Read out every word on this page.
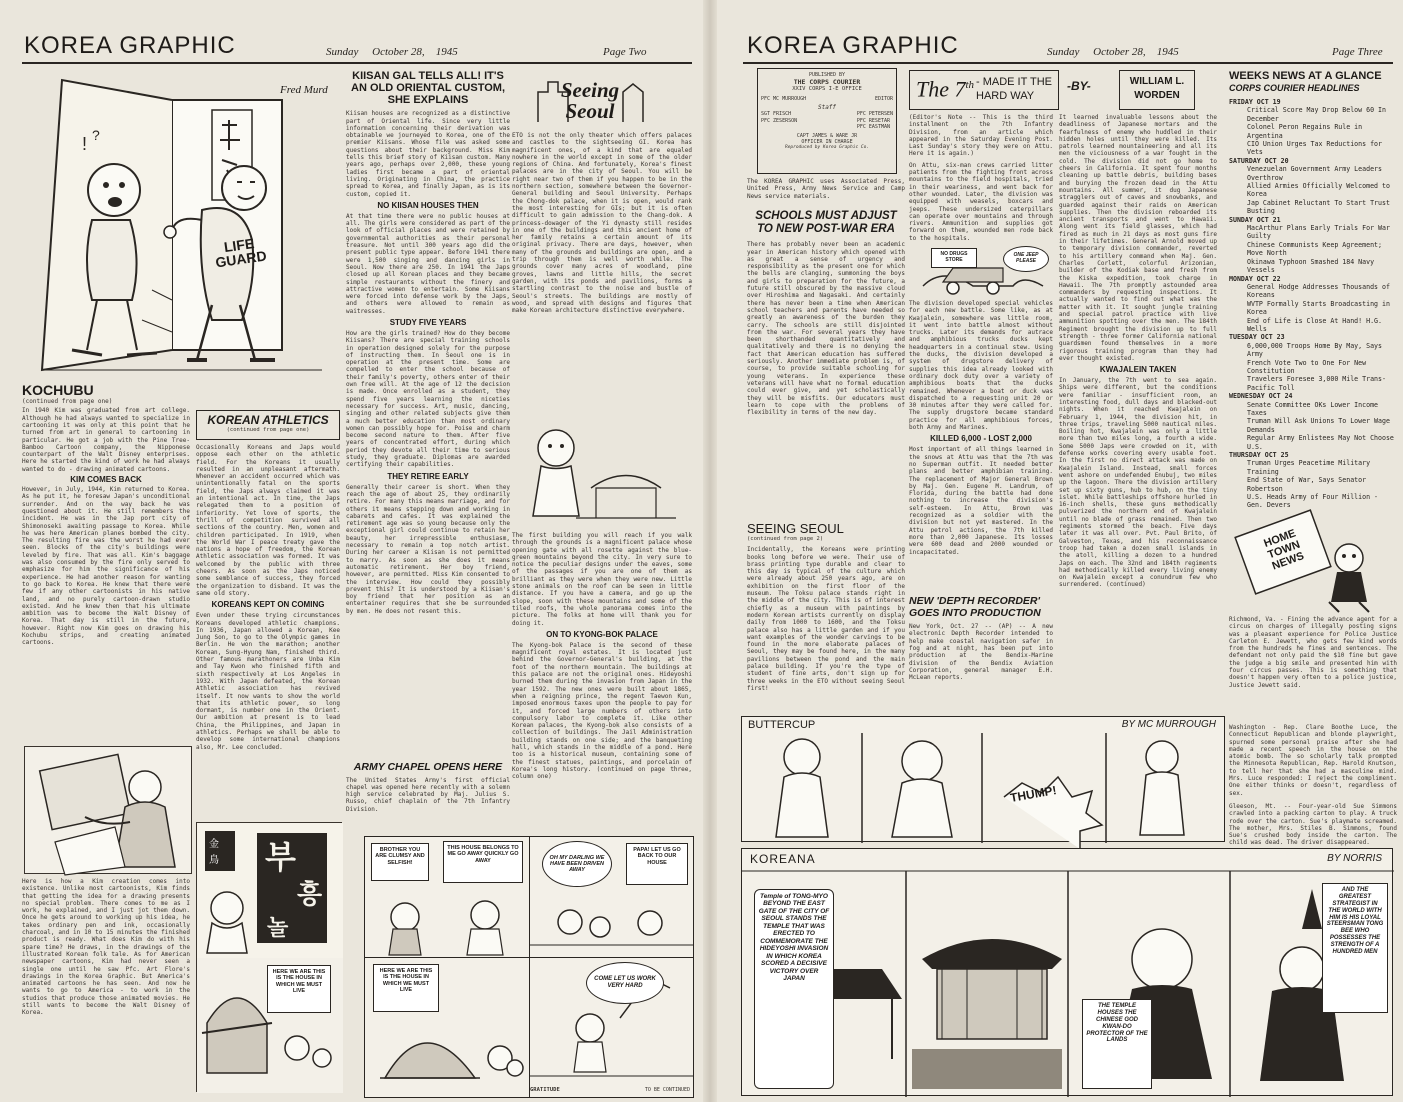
KOREA GRAPHIC	Sunday October 28, 1945	Page Two
! ?
LIFE GUARD
Fred Murd
KOCHUBU
(continued from page one)
In 1940 Kim was graduated from art college. Although he had always wanted to specialize in cartooning it was only at this point that he turned from art in general to cartooning in particular. He got a job with the Pine Tree-Bamboo Cartoon company, the Nipponese counterpart of the Walt Disney enterprises. Here he started the kind of work he had always wanted to do - drawing animated cartoons.
KIM COMES BACK
However, in July, 1944, Kim returned to Korea. As he put it, he foresaw Japan's unconditional surrender. And on the way back he was questioned about it. He still remembers the incident. He was in the Jap port city of Shimonoseki awaiting passage to Korea. While he was here American planes bombed the city. The resulting fire was the worst he had ever seen. Blocks of the city's buildings were leveled by fire. That was all. Kim's baggage was also consumed by the fire only served to emphasize for him the significance of his experience. He had another reason for wanting to go back to Korea. He knew that there were few if any other cartoonists in his native land, and no purely cartoon-drawn studio existed. And he knew then that his ultimate ambition was to become the Walt Disney of Korea. That day is still in the future, however. Right now Kim goes on drawing his Kochubu strips, and creating animated cartoons.
Here is how a Kim creation comes into existence. Unlike most cartoonists, Kim finds that getting the idea for a drawing presents no special problem. There comes to me as I work, he explained, and I just jot them down. Once he gets around to working up his idea, he takes ordinary pen and ink, occasionally charcoal, and in 10 to 15 minutes the finished product is ready. What does Kim do with his spare time? He draws, in the drawings of the illustrated Korean folk tale. As for American newspaper cartoons, Kim had never seen a single one until he saw Pfc. Art Flore's drawings in the Korea Graphic. But America's animated cartoons he has seen. And now he wants to go to America - to work in the studios that produce those animated movies. He still wants to become the Walt Disney of Korea.
KOREAN ATHLETICS
(continued from page one)
Occasionally Koreans and Japs would oppose each other on the athletic field. For the Koreans it usually resulted in an unpleasant aftermath. Whenever an accident occurred which was unintentionally fatal on the sports field, the Japs always claimed it was an intentional act. In time, the Japs relegated them to a position of inferiority. Yet love of sports, the thrill of competition survived all sections of the country. Men, women and children participated. In 1919, when the World War I peace treaty gave the nations a hope of freedom, the Korean Athletic association was formed. It was welcomed by the public with three cheers. As soon as the Japs noticed some semblance of success, they forced the organization to disband. It was the same old story.
KOREANS KEPT ON COMING
Even under these trying circumstances Koreans developed athletic champions. In 1936, Japan allowed a Korean, Kee Jung Son, to go to the Olympic games in Berlin. He won the marathon; another Korean, Sung-Hyung Nam, finished third. Other famous marathoners are Unba Kim and Tay Kwon who finished fifth and sixth respectively at Los Angeles in 1932. With Japan defeated, the Korean Athletic association has revived itself. It now wants to show the world that its athletic power, so long dormant, is number one in the Orient. Our ambition at present is to lead China, the Philippines, and Japan in athletics. Perhaps we shall be able to develop some international champions also, Mr. Lee concluded.
金
鳥 부
흥
놀
HERE WE ARE THIS IS THE HOUSE IN WHICH WE MUST LIVE
KIISAN GAL TELLS ALL! IT'S AN OLD ORIENTAL CUSTOM, SHE EXPLAINS
Kiisan houses are recognized as a distinctive part of Oriental life. Since very little information concerning their derivation was obtainable we journeyed to Korea, one of the premier Kiisans. Whose file was asked some questions about their background. Miss Kim tells this brief story of Kiisan custom. Many years ago, perhaps over 2,000, these young ladies first became a part of oriental living. Originating in China, the practice spread to Korea, and finally Japan, as is its custom, copied it.
NO KIISAN HOUSES THEN
At that time there were no public houses at all. The girls were considered as part of the look of official places and were retained by governmental authorities as their personal treasure. Not until 300 years ago did the present public type appear. Before 1941 there were 1,500 singing and dancing girls in Seoul. Now there are 250. In 1941 the Japs closed up all Korean places and they became simple restaurants without the finery and attractive women to entertain. Some Kiisans were forced into defense work by the Japs, and others were allowed to remain as waitresses.
STUDY FIVE YEARS
How are the girls trained? How do they become Kiisans? There are special training schools in operation designed solely for the purpose of instructing them. In Seoul one is in operation at the present time. Some are compelled to enter the school because of their family's poverty, others enter of their own free will. At the age of 12 the decision is made. Once enrolled as a student, they spend five years learning the niceties necessary for success. Art, music, dancing, singing and other related subjects give them a much better education than most ordinary women can possibly hope for. Poise and charm become second nature to them. After five years of concentrated effort, during which period they devote all their time to serious study, they graduate. Diplomas are awarded certifying their capabilities.
THEY RETIRE EARLY
Generally their career is short. When they reach the age of about 25, they ordinarily retire. For many this means marriage, and for others it means stepping down and working in cabarets and cafes. It was explained the retirement age was so young because only the exceptional girl could continue to retain her beauty, her irrepressible enthusiasm, necessary to remain a top notch artist. During her career a Kiisan is not permitted to marry. As soon as she does it means automatic retirement. Her boy friend, however, are permitted. Miss Kim consented to the interview. How could they possibly prevent this? It is understood by a Kiisan's boy friend that her position as an entertainer requires that she be surrounded by men. He does not resent this.
ARMY CHAPEL OPENS HERE
The United States Army's first official chapel was opened here recently with a solemn high service celebrated by Maj. Julius S. Russo, chief chaplain of the 7th Infantry Division.
Seeing Seoul
ETO is not the only theater which offers palaces and castles to the sightseeing GI. Korea has magnificent ones, of a kind that are equaled nowhere in the world except in some of the older regions of China. And fortunately, Korea's finest palaces are in the city of Seoul. You will be right near two of them if you happen to be in the northern section, somewhere between the Governor-General building and Seoul University. Perhaps the Chong-dok palace, when it is open, would rank the most interesting for GIs; but it is often difficult to gain admission to the Chang-dok. A princess-dowager of the Yi dynasty still resides in one of the buildings and this ancient home of her family retains a certain amount of its original privacy. There are days, however, when many of the grounds and buildings are open, and a trip through them is well worth while. The grounds cover many acres of woodland, pine groves, lawns and little hills, the secret garden, with its ponds and pavilions, forms a startling contrast to the noise and bustle of Seoul's streets. The buildings are mostly of wood, and spread with designs and figures that make Korean architecture distinctive everywhere.
The first building you will reach if you walk through the grounds is a magnificent palace whose opening gate with all rosette against the blue-green mountains beyond the city. In very sure to notice the peculiar designs under the eaves, some of the passages if you are one of them as brilliant as they were when they were new. Little stone animals on the roof can be seen in little distance. If you have a camera, and go up the slope, soon with these mountains and some of the tiled roofs, the whole panorama comes into the picture. The folks at home will thank you for doing it.
ON TO KYONG-BOK PALACE
The Kyong-bok Palace is the second of these magnificent royal estates. It is located just behind the Governor-General's building, at the foot of the northern mountain. The buildings at this palace are not the original ones. Hideyoshi burned them during the invasion from Japan in the year 1592. The new ones were built about 1865, when a reigning prince, the regent Taewon Kun, imposed enormous taxes upon the people to pay for it, and forced large numbers of others into compulsory labor to complete it. Like other Korean palaces, the Kyong-bok also consists of a collection of buildings. The Jail Administration building stands on one side; and the banqueting hall, which stands in the middle of a pond. Here too is a historical museum, containing some of the finest statues, paintings, and porcelain of Korea's long history. (continued on page three, column one)
BROTHER YOU ARE CLUMSY AND SELFISH!
THIS HOUSE BELONGS TO ME GO AWAY QUICKLY GO AWAY
OH MY DARLING WE HAVE BEEN DRIVEN AWAY
PAPA! LET US GO BACK TO OUR HOUSE
HERE WE ARE THIS IS THE HOUSE IN WHICH WE MUST LIVE
COME LET US WORK VERY HARD
GRATITUDE	TO BE CONTINUED
KOREA GRAPHIC	Sunday October 28, 1945	Page Three
PUBLISHED BY
THE CORPS COURIER
XXIV CORPS I-E OFFICE
PFC MC MURROUGH	EDITOR
Staff
SGT FRISCH
PFC ZESERSON
PFC PETERSEN
PFC RESETAR
PFC EASTMAN
CAPT JAMES & WARE JR
OFFICER IN CHARGE
Reproduced by Korea Graphic Co.
The KOREA GRAPHIC uses Associated Press, United Press, Army News Service and Camp News service materials.
SCHOOLS MUST ADJUST TO NEW POST-WAR ERA
There has probably never been an academic year in American history which opened with as great a sense of urgency and responsibility as the present one for which the bells are clanging, summoning the boys and girls to preparation for the future, a future still obscured by the massive cloud over Hiroshima and Nagasaki. And certainly there has never been a time when American school teachers and parents have needed so greatly an awareness of the burden they carry. The schools are still disjointed from the war. For several years they have been shorthanded quantitatively and qualitatively and there is no denying the fact that American education has suffered seriously. Another immediate problem is, of course, to provide suitable schooling for young veterans. In experience these veterans will have what no formal education could ever give, and yet scholastically they will be misfits. Our educators must learn to cope with the problems of flexibility in terms of the new day.
SEEING SEOUL
(continued from page 2)
Incidentally, the Koreans were printing books long before we were. Their use of brass printing type durable and clear to this day is typical of the culture which were already about 250 years ago, are on exhibition on the first floor of the museum. The Toksu palace stands right in the middle of the city. This is of interest chiefly as a museum with paintings by modern Korean artists currently on display daily from 1000 to 1600, and the Toksu palace also has a little garden and if you want examples of the wonder carvings to be found in the more elaborate palaces of Seoul, they may be found here, in the many pavilions between the pond and the main palace building. If you're the type of student of fine arts, don't sign up for three weeks in the ETO without seeing Seoul first!
The 7th - MADE IT THE HARD WAY
-BY-	WILLIAM L. WORDEN
(Editor's Note -- This is the third installment on the 7th Infantry Division, from an article which appeared in the Saturday Evening Post. Last Sunday's story they were on Attu. Here it is again.)
On Attu, six-man crews carried litter patients from the fighting front across mountains to the field hospitals, tried in their weariness, and went back for other wounded. Later, the division was equipped with weasels, boxcars and jeeps. These undersized caterpillars can operate over mountains and through rivers. Ammunition and supplies got forward on them, wounded men rode back to the hospitals.
NO DRUGS STORE
ONE JEEP PLEASE
The division developed special vehicles for each new battle. Some like, as at Kwajalein, somewhere was little room, it went into battle almost without trucks. Later its demands for autrace and amphibious trucks ducks kept headquarters in a continual stew. Using the ducks, the division developed a system of drugstore delivery of supplies this idea already looked with ordinary dock duty over a variety of amphibious boats that the ducks remained. Whenever a boat or duck was dispatched to a requesting unit 20 or 30 minutes after they were called for. The supply drugstore became standard practice for all amphibious forces, both Army and Marines.
KILLED 6,000 - LOST 2,000
Most important of all things learned in the snows at Attu was that the 7th was no Superman outfit. It needed better plans and better amphibian training. The replacement of Major General Brown by Maj. Gen. Eugene M. Landrum, of Florida, during the battle had done nothing to increase the division's self-esteem. In Attu, Brown was recognized as a soldier with the division but not yet mastered. In the Attu petrol actions, the 7th killed more than 2,000 Japanese. Its losses were 600 dead and 2000 wounded or incapacitated.
NEW 'DEPTH RECORDER' GOES INTO PRODUCTION
New York, Oct. 27 -- (AP) -- A new electronic Depth Recorder intended to help make coastal navigation safer in fog and at night, has been put into production at the Bendix-Marine division of the Bendix Aviation Corporation, general manager E.H. McLean reports.
It learned invaluable lessons about the deadliness of Japanese mortars and the fearfulness of enemy who huddled in their hidden holes until they were killed. Its patrols learned mountaineering and all its men the viciousness of a war fought in the cold. The division did not go home to cheers in California. It spent four months cleaning up battle debris, building bases and burying the frozen dead in the Attu mountains. All summer, it dug Japanese stragglers out of caves and snowbanks, and guarded against their raids on American supplies. Then the division reboarded its ancient transports and went to Hawaii. Along went its field glasses, which had fired as much in 21 days as most guns fire in their lifetimes. General Arnold moved up to temporary division commander, reverted to his artillery command when Maj. Gen. Charles Corlett, colorful Arizonian, builder of the Kodiak base and fresh from the Kiska expedition, took charge in Hawaii. The 7th promptly astounded area commanders by requesting inspections. It actually wanted to find out what was the matter with it. It sought jungle training and special patrol practice with live ammunition spotting over the men. The 184th Regiment brought the division up to full strength - three former California national guardsmen found themselves in a more rigorous training program than they had ever thought existed.
KWAJALEIN TAKEN
In January, the 7th went to sea again. Ships were different, but the conditions were familiar - insufficient room, an interesting food, dull days and blacked-out nights. When it reached Kwajalein on February 1, 1944, the division hit, in three trips, traveling 5000 nautical miles. Boiling hot, Kwajalein was only a little more than two miles long, a fourth a wide. Some 5000 Japs were crowded on it, with defense works covering every usable foot. In the first no direct attack was made on Kwajalein Island. Instead, small forces went ashore on undefended Enubuj, two miles up the lagoon. There the division artillery set up sixty guns, hub to hub, on the tiny islet. While battleships offshore hurled in 16-inch shells, these guns methodically pulverized the northern end of Kwajalein until no blade of grass remained. Then two regiments stormed the beach. Five days later it was all over. Pvt. Paul Brito, of Galveston, Texas, and his reconnaissance troop had taken a dozen small islands in the atoll, killing a dozen to a hundred Japs on each. The 32nd and 184th regiments had methodically killed every living enemy on Kwajalein except a conundrum few who surrendered. (continued)
WEEKS NEWS AT A GLANCE
CORPS COURIER HEADLINES
FRIDAY OCT 19
Critical Score May Drop Below 60 In December
Colonel Peron Regains Rule in Argentina
CIO Union Urges Tax Reductions for Vets
SATURDAY OCT 20
Venezuelan Government Army Leaders Overthrow
Allied Armies Officially Welcomed to Korea
Jap Cabinet Reluctant To Start Trust Busting
SUNDAY OCT 21
MacArthur Plans Early Trials For War Guilty
Chinese Communists Keep Agreement; Move North
Okinawa Typhoon Smashed 184 Navy Vessels
MONDAY OCT 22
General Hodge Addresses Thousands of Koreans
WVTP Formally Starts Broadcasting in Korea
End of Life is Close At Hand! H.G. Wells
TUESDAY OCT 23
6,000,000 Troops Home By May, Says Army
French Vote Two to One For New Constitution
Travelers Foresee 3,000 Mile Trans-Pacific Toll
WEDNESDAY OCT 24
Senate Committee OKs Lower Income Taxes
Truman Will Ask Unions To Lower Wage Demands
Regular Army Enlistees May Not Choose U.S.
THURSDAY OCT 25
Truman Urges Peacetime Military Training
End State of War, Says Senator Robertson
U.S. Heads Army of Four Million - Gen. Devers
HOME TOWN NEWS
Richmond, Va. - Fining the advance agent for a circus on charges of illegally posting signs was a pleasant experience for Police Justice Carleton E. Jewett, who gets few kind words from the hundreds he fines and sentences. The defendant not only paid the $10 fine but gave the judge a big smile and presented him with four circus passes. This is something that doesn't happen very often to a police justice, Justice Jewett said.
Washington - Rep. Clare Boothe Luce, the Connecticut Republican and blonde playwright, spurned some personal praise after she had made a recent speech in the house on the atomic bomb. The so scholarly talk prompted the Minnesota Republican, Rep. Harold Knutson, to tell her that she had a masculine mind. Mrs. Luce responded: I reject the compliment. One either thinks or doesn't, regardless of sex.
Gleeson, Mt. -- Four-year-old Sue Simmons crawled into a packing carton to play. A truck rode over the carton. Sue's playmate screamed. The mother, Mrs. Stiles B. Simmons, found Sue's crushed body inside the carton. The child was dead. The driver disappeared.
BUTTERCUP	BY MC MURROUGH
THUMP!
KOREANA	BY NORRIS
Temple of TONG-MYO BEYOND THE EAST GATE OF THE CITY OF SEOUL STANDS THE TEMPLE THAT WAS ERECTED TO COMMEMORATE THE HIDEYOSHI INVASION IN WHICH KOREA SCORED A DECISIVE VICTORY OVER JAPAN
THE TEMPLE HOUSES THE CHINESE GOD KWAN-DO PROTECTOR OF THE LANDS
AND THE GREATEST STRATEGIST IN THE WORLD WITH HIM IS HIS LOYAL STEERSMAN TONG BEE WHO POSSESSES THE STRENGTH OF A HUNDRED MEN
